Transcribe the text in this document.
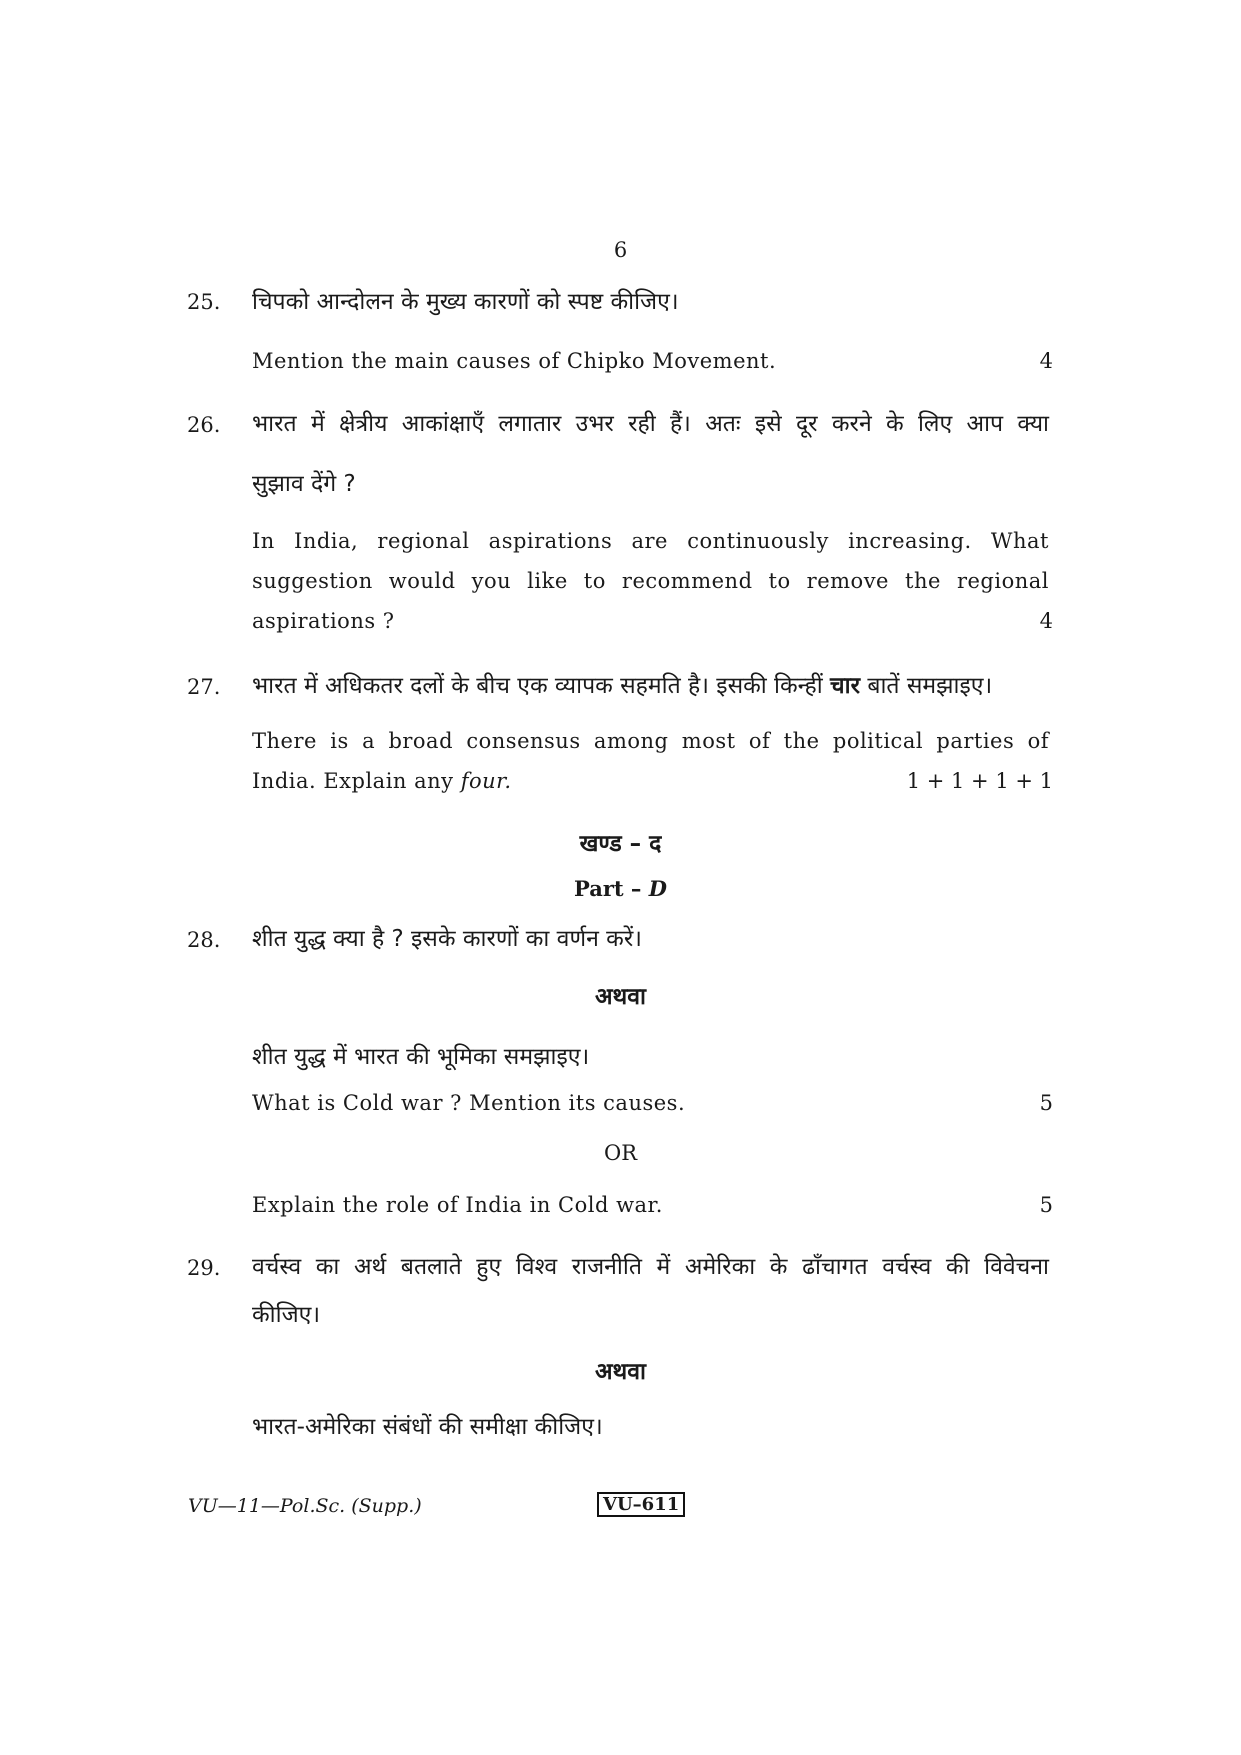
6
25. चिपको आन्दोलन के मुख्य कारणों को स्पष्ट कीजिए।
Mention the main causes of Chipko Movement.	4
26. भारत में क्षेत्रीय आकांक्षाएँ लगातार उभर रही हैं। अतः इसे दूर करने के लिए आप क्या
सुझाव देंगे ?
In India, regional aspirations are continuously increasing. What
suggestion would you like to recommend to remove the regional
aspirations ?	4
27. भारत में अधिकतर दलों के बीच एक व्यापक सहमति है। इसकी किन्हीं चार बातें समझाइए।
There is a broad consensus among most of the political parties of
India. Explain any four.	1 + 1 + 1 + 1
खण्ड – द
Part – D
28. शीत युद्ध क्या है ? इसके कारणों का वर्णन करें।
अथवा
शीत युद्ध में भारत की भूमिका समझाइए।
What is Cold war ? Mention its causes.	5
OR
Explain the role of India in Cold war.	5
29. वर्चस्व का अर्थ बतलाते हुए विश्व राजनीति में अमेरिका के ढाँचागत वर्चस्व की विवेचना
कीजिए।
अथवा
भारत-अमेरिका संबंधों की समीक्षा कीजिए।
VU—11—Pol.Sc. (Supp.)	VU–611
